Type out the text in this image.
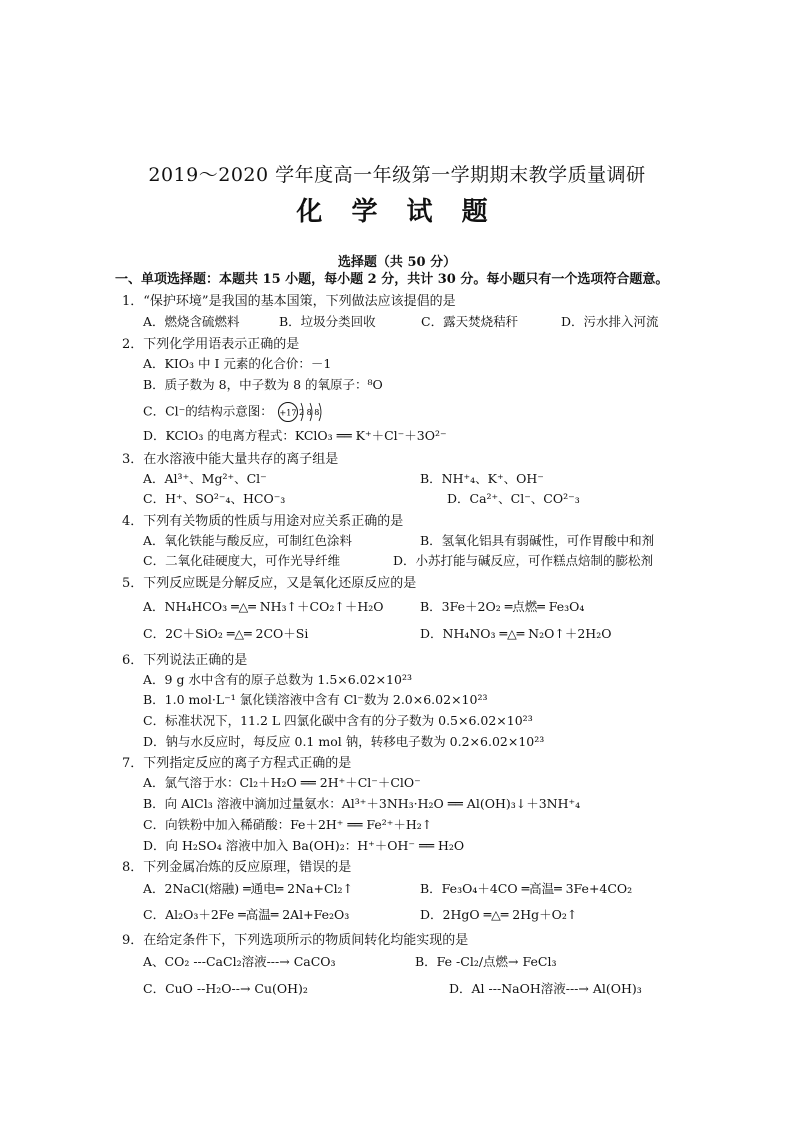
2019～2020 学年度高一年级第一学期期末教学质量调研
化 学 试 题
选择题（共 50 分）
一、单项选择题：本题共 15 小题，每小题 2 分，共计 30 分。每小题只有一个选项符合题意。
1．“保护环境”是我国的基本国策，下列做法应该提倡的是
A．燃烧含硫燃料	B．垃圾分类回收	C．露天焚烧秸秆	D．污水排入河流
2．下列化学用语表示正确的是
A．KIO₃ 中 I 元素的化合价：－1
B．质子数为 8，中子数为 8 的氧原子：⁸O
C．Cl⁻的结构示意图： +17 2 8 8
D．KClO₃ 的电离方程式：KClO₃ ══ K⁺＋Cl⁻＋3O²⁻
3．在水溶液中能大量共存的离子组是
A．Al³⁺、Mg²⁺、Cl⁻	B．NH⁺₄、K⁺、OH⁻
C．H⁺、SO²⁻₄、HCO⁻₃	D．Ca²⁺、Cl⁻、CO²⁻₃
4．下列有关物质的性质与用途对应关系正确的是
A．氧化铁能与酸反应，可制红色涂料	B．氢氧化铝具有弱碱性，可作胃酸中和剂
C．二氧化硅硬度大，可作光导纤维	D．小苏打能与碱反应，可作糕点焙制的膨松剂
5．下列反应既是分解反应，又是氧化还原反应的是
A．NH₄HCO₃ ═△═ NH₃↑＋CO₂↑＋H₂O	B．3Fe＋2O₂ ═点燃═ Fe₃O₄
C．2C＋SiO₂ ═△═ 2CO＋Si	D．NH₄NO₃ ═△═ N₂O↑＋2H₂O
6．下列说法正确的是
A．9 g 水中含有的原子总数为 1.5×6.02×10²³
B．1.0 mol·L⁻¹ 氯化镁溶液中含有 Cl⁻数为 2.0×6.02×10²³
C．标准状况下，11.2 L 四氯化碳中含有的分子数为 0.5×6.02×10²³
D．钠与水反应时，每反应 0.1 mol 钠，转移电子数为 0.2×6.02×10²³
7．下列指定反应的离子方程式正确的是
A．氯气溶于水：Cl₂＋H₂O ══ 2H⁺＋Cl⁻＋ClO⁻
B．向 AlCl₃ 溶液中滴加过量氨水：Al³⁺＋3NH₃·H₂O ══ Al(OH)₃↓＋3NH⁺₄
C．向铁粉中加入稀硝酸：Fe＋2H⁺ ══ Fe²⁺＋H₂↑
D．向 H₂SO₄ 溶液中加入 Ba(OH)₂：H⁺＋OH⁻ ══ H₂O
8．下列金属冶炼的反应原理，错误的是
A．2NaCl(熔融) ═通电═ 2Na+Cl₂↑	B．Fe₃O₄＋4CO ═高温═ 3Fe+4CO₂
C．Al₂O₃＋2Fe ═高温═ 2Al+Fe₂O₃	D．2HgO ═△═ 2Hg＋O₂↑
9．在给定条件下，下列选项所示的物质间转化均能实现的是
A、CO₂ ‑‑‑CaCl₂溶液‑‑‑→ CaCO₃	B．Fe ‑Cl₂/点燃→ FeCl₃
C．CuO ‑‑H₂O‑‑→ Cu(OH)₂	D．Al ‑‑‑NaOH溶液‑‑‑→ Al(OH)₃
